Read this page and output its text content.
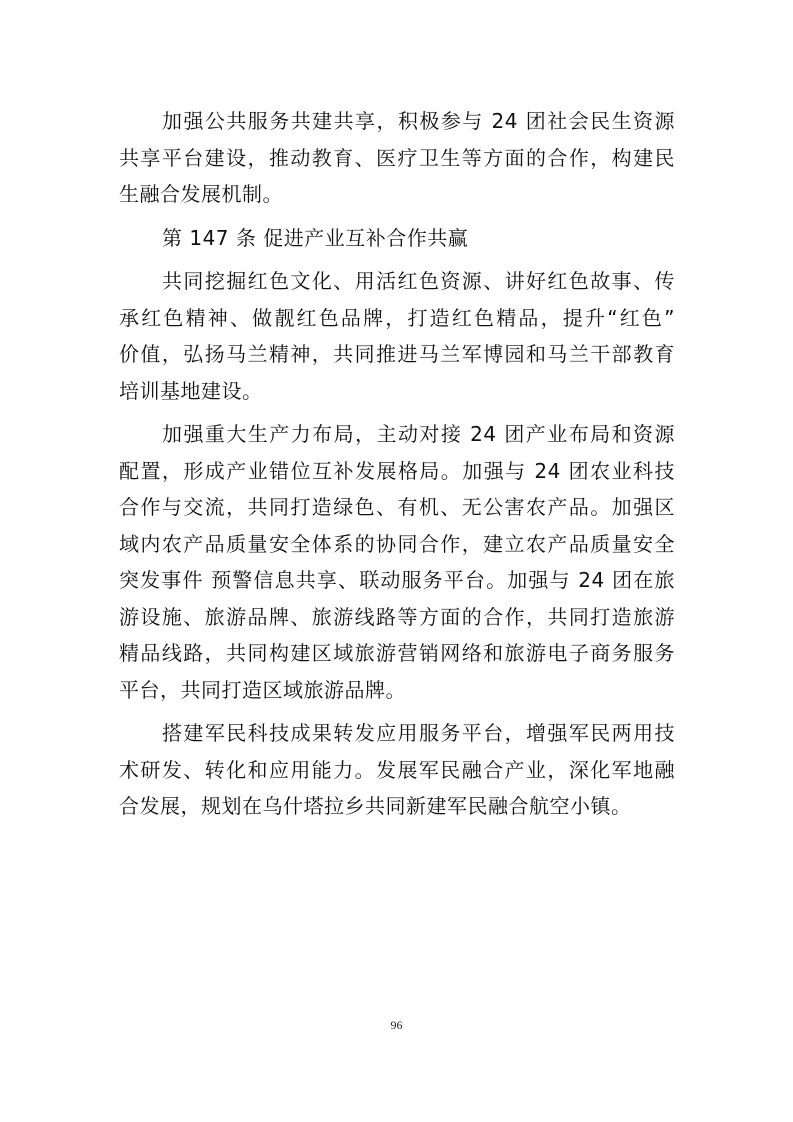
加强公共服务共建共享，积极参与 24 团社会民生资源
共享平台建设，推动教育、医疗卫生等方面的合作，构建民
生融合发展机制。
第 147 条 促进产业互补合作共赢
共同挖掘红色文化、用活红色资源、讲好红色故事、传
承红色精神、做靓红色品牌，打造红色精品，提升“红色”
价值，弘扬马兰精神，共同推进马兰军博园和马兰干部教育
培训基地建设。
加强重大生产力布局，主动对接 24 团产业布局和资源
配置，形成产业错位互补发展格局。加强与 24 团农业科技
合作与交流，共同打造绿色、有机、无公害农产品。加强区
域内农产品质量安全体系的协同合作，建立农产品质量安全
突发事件 预警信息共享、联动服务平台。加强与 24 团在旅
游设施、旅游品牌、旅游线路等方面的合作，共同打造旅游
精品线路，共同构建区域旅游营销网络和旅游电子商务服务
平台，共同打造区域旅游品牌。
搭建军民科技成果转发应用服务平台，增强军民两用技
术研发、转化和应用能力。发展军民融合产业，深化军地融
合发展，规划在乌什塔拉乡共同新建军民融合航空小镇。
96
